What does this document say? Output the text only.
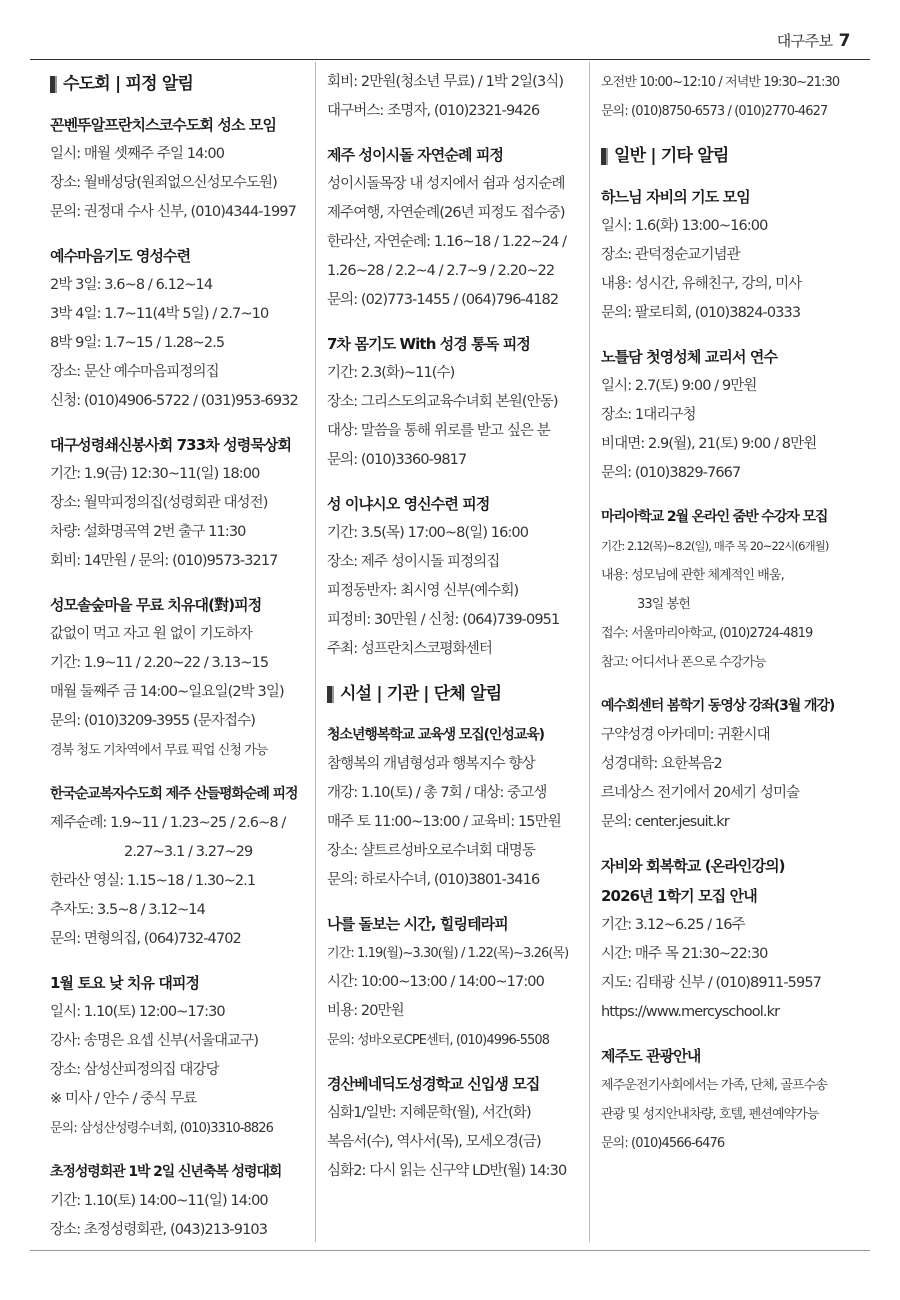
대구주보 7
수도회 | 피정 알림
꼰벤뚜알프란치스코수도회 성소 모임
일시: 매월 셋째주 주일 14:00
장소: 월배성당(원죄없으신성모수도원)
문의: 권정대 수사 신부, (010)4344-1997
예수마음기도 영성수련
2박 3일: 3.6~8 / 6.12~14
3박 4일: 1.7~11(4박 5일) / 2.7~10
8박 9일: 1.7~15 / 1.28~2.5
장소: 문산 예수마음피정의집
신청: (010)4906-5722 / (031)953-6932
대구성령쇄신봉사회 733차 성령묵상회
기간: 1.9(금) 12:30~11(일) 18:00
장소: 월막피정의집(성령회관 대성전)
차량: 설화명곡역 2번 출구 11:30
회비: 14만원 / 문의: (010)9573-3217
성모솔숲마을 무료 치유대(對)피정
값없이 먹고 자고 원 없이 기도하자
기간: 1.9~11 / 2.20~22 / 3.13~15
매월 둘째주 금 14:00~일요일(2박 3일)
문의: (010)3209-3955 (문자접수)
경북 청도 기차역에서 무료 픽업 신청 가능
한국순교복자수도회 제주 산들평화순례 피정
제주순례: 1.9~11 / 1.23~25 / 2.6~8 /
2.27~3.1 / 3.27~29
한라산 영실: 1.15~18 / 1.30~2.1
추자도: 3.5~8 / 3.12~14
문의: 면형의집, (064)732-4702
1월 토요 낮 치유 대피정
일시: 1.10(토) 12:00~17:30
강사: 송명은 요셉 신부(서울대교구)
장소: 삼성산피정의집 대강당
※ 미사 / 안수 / 중식 무료
문의: 삼성산성령수녀회, (010)3310-8826
초정성령회관 1박 2일 신년축복 성령대회
기간: 1.10(토) 14:00~11(일) 14:00
장소: 초정성령회관, (043)213-9103
회비: 2만원(청소년 무료) / 1박 2일(3식)
대구버스: 조명자, (010)2321-9426
제주 성이시돌 자연순례 피정
성이시돌목장 내 성지에서 쉼과 성지순례
제주여행, 자연순례(26년 피정도 접수중)
한라산, 자연순례: 1.16~18 / 1.22~24 /
1.26~28 / 2.2~4 / 2.7~9 / 2.20~22
문의: (02)773-1455 / (064)796-4182
7차 몸기도 With 성경 통독 피정
기간: 2.3(화)~11(수)
장소: 그리스도의교육수녀회 본원(안동)
대상: 말씀을 통해 위로를 받고 싶은 분
문의: (010)3360-9817
성 이냐시오 영신수련 피정
기간: 3.5(목) 17:00~8(일) 16:00
장소: 제주 성이시돌 피정의집
피정동반자: 최시영 신부(예수회)
피정비: 30만원 / 신청: (064)739-0951
주최: 성프란치스코평화센터
시설 | 기관 | 단체 알림
청소년행복학교 교육생 모집(인성교육)
참행복의 개념형성과 행복지수 향상
개강: 1.10(토) / 총 7회 / 대상: 중고생
매주 토 11:00~13:00 / 교육비: 15만원
장소: 샬트르성바오로수녀회 대명동
문의: 하로사수녀, (010)3801-3416
나를 돌보는 시간, 힐링테라피
기간: 1.19(월)~3.30(월) / 1.22(목)~3.26(목)
시간: 10:00~13:00 / 14:00~17:00
비용: 20만원
문의: 성바오로CPE센터, (010)4996-5508
경산베네딕도성경학교 신입생 모집
심화1/일반: 지혜문학(월), 서간(화)
복음서(수), 역사서(목), 모세오경(금)
심화2: 다시 읽는 신구약 LD반(월) 14:30
오전반 10:00~12:10 / 저녁반 19:30~21:30
문의: (010)8750-6573 / (010)2770-4627
일반 | 기타 알림
하느님 자비의 기도 모임
일시: 1.6(화) 13:00~16:00
장소: 관덕정순교기념관
내용: 성시간, 유해친구, 강의, 미사
문의: 팔로티회, (010)3824-0333
노틀담 첫영성체 교리서 연수
일시: 2.7(토) 9:00 / 9만원
장소: 1대리구청
비대면: 2.9(월), 21(토) 9:00 / 8만원
문의: (010)3829-7667
마리아학교 2월 온라인 줌반 수강자 모집
기간: 2.12(목)~8.2(일), 매주 목 20~22시(6개월)
내용: 성모님에 관한 체계적인 배움,
33일 봉헌
접수: 서울마리아학교, (010)2724-4819
참고: 어디서나 폰으로 수강가능
예수회센터 봄학기 동영상 강좌(3월 개강)
구약성경 아카데미: 귀환시대
성경대학: 요한복음2
르네상스 전기에서 20세기 성미술
문의: center.jesuit.kr
자비와 회복학교 (온라인강의)
2026년 1학기 모집 안내
기간: 3.12~6.25 / 16주
시간: 매주 목 21:30~22:30
지도: 김태광 신부 / (010)8911-5957
https://www.mercyschool.kr
제주도 관광안내
제주운전기사회에서는 가족, 단체, 골프수송
관광 및 성지안내차량, 호텔, 펜션예약가능
문의: (010)4566-6476
